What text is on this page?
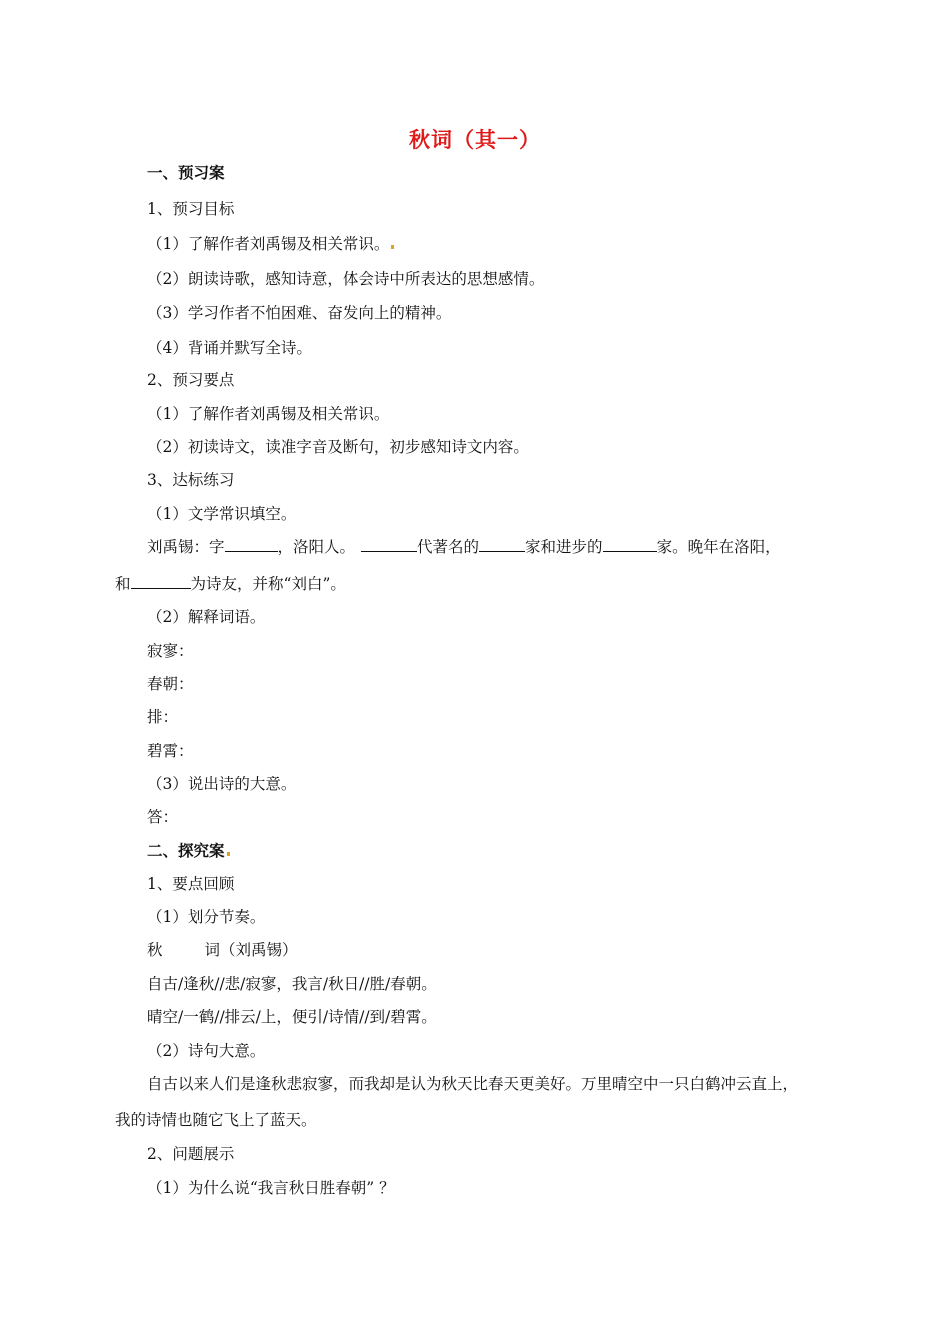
秋词（其一）
一、预习案
1、预习目标
（1）了解作者刘禹锡及相关常识。
（2）朗读诗歌，感知诗意，体会诗中所表达的思想感情。
（3）学习作者不怕困难、奋发向上的精神。
（4）背诵并默写全诗。
2、预习要点
（1）了解作者刘禹锡及相关常识。
（2）初读诗文，读准字音及断句，初步感知诗文内容。
3、达标练习
（1）文学常识填空。
刘禹锡：字	，洛阳人。	代著名的	家和进步的	家。晚年在洛阳，
和	为诗友，并称“刘白”。
（2）解释词语。
寂寥：
春朝：
排：
碧霄：
（3）说出诗的大意。
答：
二、探究案
1、要点回顾
（1）划分节奏。
秋	词（刘禹锡）
自古/逢秋//悲/寂寥，我言/秋日//胜/春朝。
晴空/一鹤//排云/上，便引/诗情//到/碧霄。
（2）诗句大意。
自古以来人们是逢秋悲寂寥，而我却是认为秋天比春天更美好。万里晴空中一只白鹤冲云直上，
我的诗情也随它飞上了蓝天。
2、问题展示
（1）为什么说“我言秋日胜春朝” ？
